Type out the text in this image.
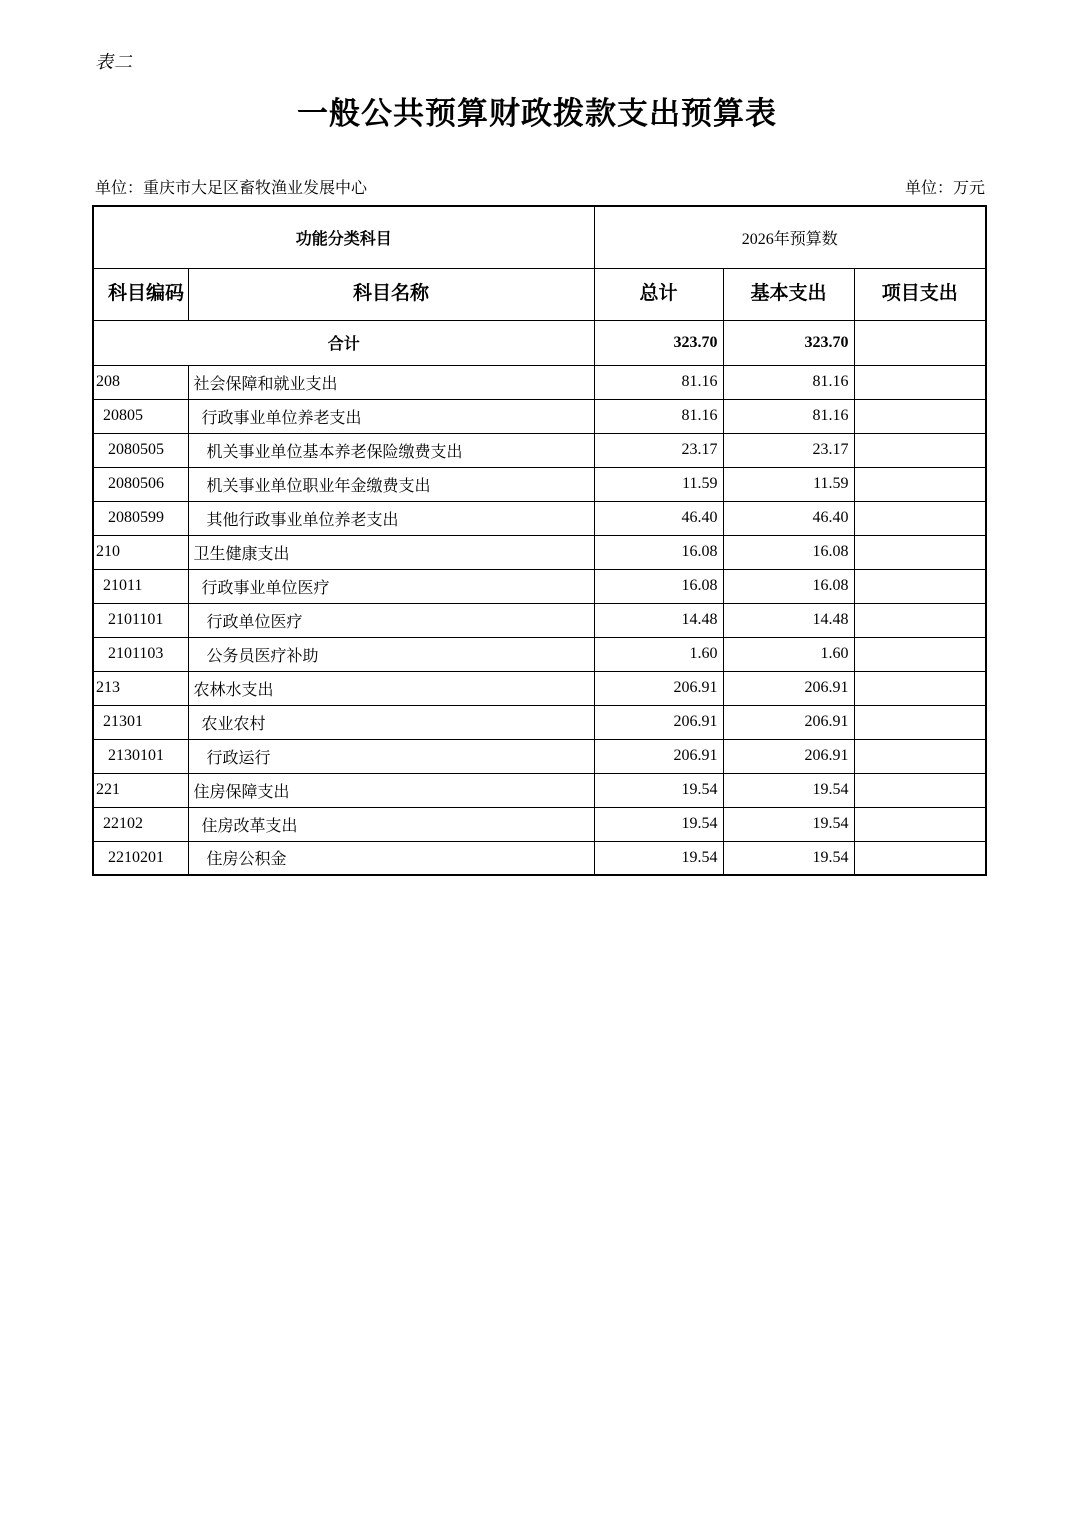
表二
一般公共预算财政拨款支出预算表
单位：重庆市大足区畜牧渔业发展中心	单位：万元
功能分类科目		2026年预算数		
科目编码	科目名称	总计	基本支出	项目支出
合计		323.70	323.70	
208	社会保障和就业支出	81.16	81.16	
20805	行政事业单位养老支出	81.16	81.16	
2080505	机关事业单位基本养老保险缴费支出	23.17	23.17	
2080506	机关事业单位职业年金缴费支出	11.59	11.59	
2080599	其他行政事业单位养老支出	46.40	46.40	
210	卫生健康支出	16.08	16.08	
21011	行政事业单位医疗	16.08	16.08	
2101101	行政单位医疗	14.48	14.48	
2101103	公务员医疗补助	1.60	1.60	
213	农林水支出	206.91	206.91	
21301	农业农村	206.91	206.91	
2130101	行政运行	206.91	206.91	
221	住房保障支出	19.54	19.54	
22102	住房改革支出	19.54	19.54	
2210201	住房公积金	19.54	19.54	
